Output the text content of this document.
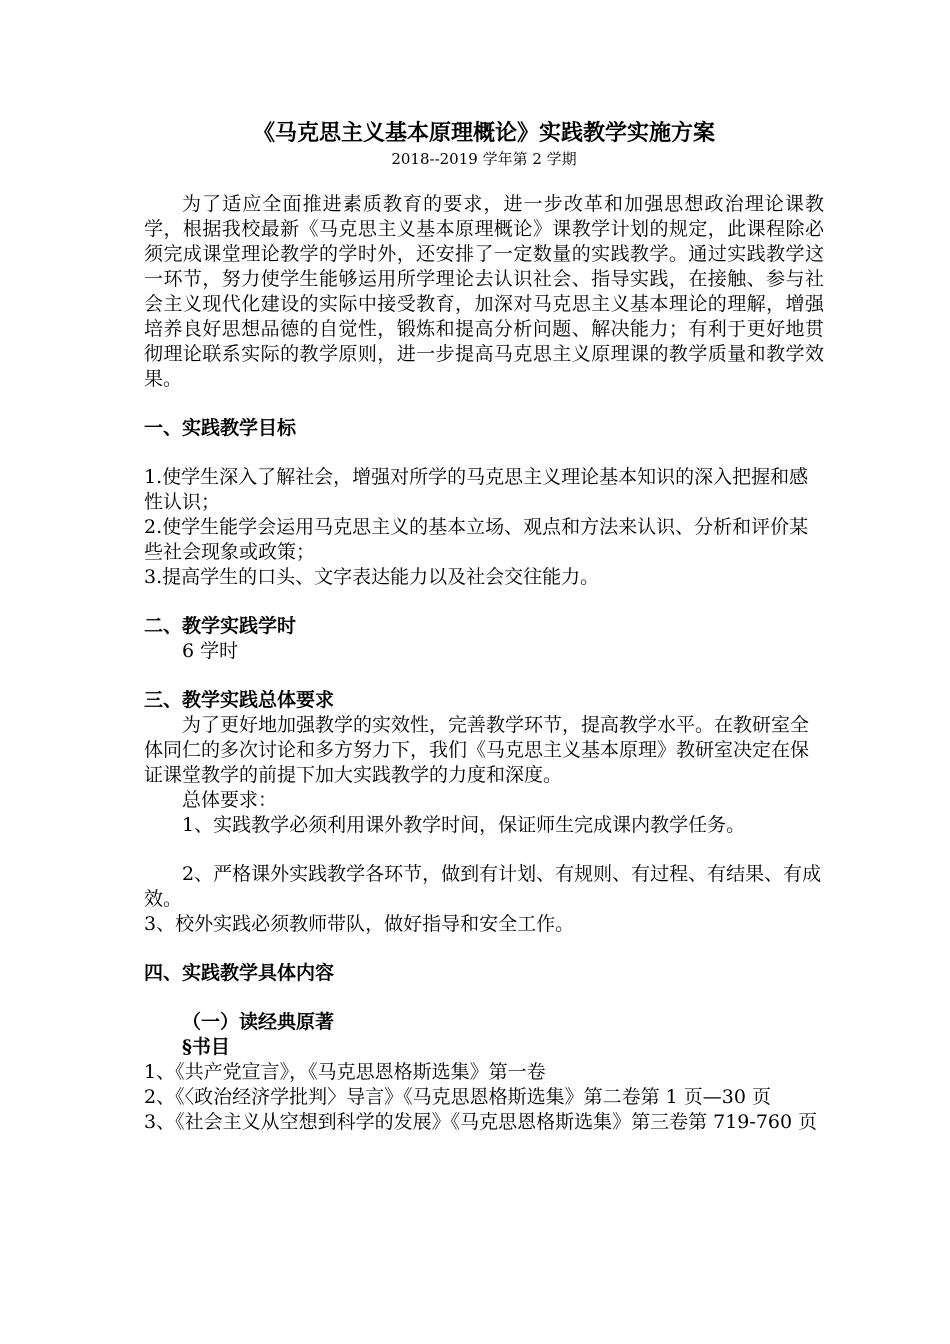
《马克思主义基本原理概论》实践教学实施方案
2018--2019 学年第 2 学期

为了适应全面推进素质教育的要求，进一步改革和加强思想政治理论课教学，根据我校最新《马克思主义基本原理概论》课教学计划的规定，此课程除必须完成课堂理论教学的学时外，还安排了一定数量的实践教学。通过实践教学这一环节，努力使学生能够运用所学理论去认识社会、指导实践，在接触、参与社会主义现代化建设的实际中接受教育，加深对马克思主义基本理论的理解，增强培养良好思想品德的自觉性，锻炼和提高分析问题、解决能力；有利于更好地贯彻理论联系实际的教学原则，进一步提高马克思主义原理课的教学质量和教学效果。

一、实践教学目标

1.使学生深入了解社会，增强对所学的马克思主义理论基本知识的深入把握和感性认识；

2.使学生能学会运用马克思主义的基本立场、观点和方法来认识、分析和评价某些社会现象或政策；

3.提高学生的口头、文字表达能力以及社会交往能力。

二、教学实践学时

6 学时

三、教学实践总体要求

为了更好地加强教学的实效性，完善教学环节，提高教学水平。在教研室全体同仁的多次讨论和多方努力下，我们《马克思主义基本原理》教研室决定在保证课堂教学的前提下加大实践教学的力度和深度。

总体要求：

1、实践教学必须利用课外教学时间，保证师生完成课内教学任务。

2、严格课外实践教学各环节，做到有计划、有规则、有过程、有结果、有成效。

3、校外实践必须教师带队，做好指导和安全工作。

四、实践教学具体内容

（一）读经典原著

§书目

1、《共产党宣言》，《马克思恩格斯选集》第一卷

2、《〈政治经济学批判〉导言》《马克思恩格斯选集》第二卷第 1 页—30 页

3、《社会主义从空想到科学的发展》《马克思恩格斯选集》第三卷第 719-760 页
